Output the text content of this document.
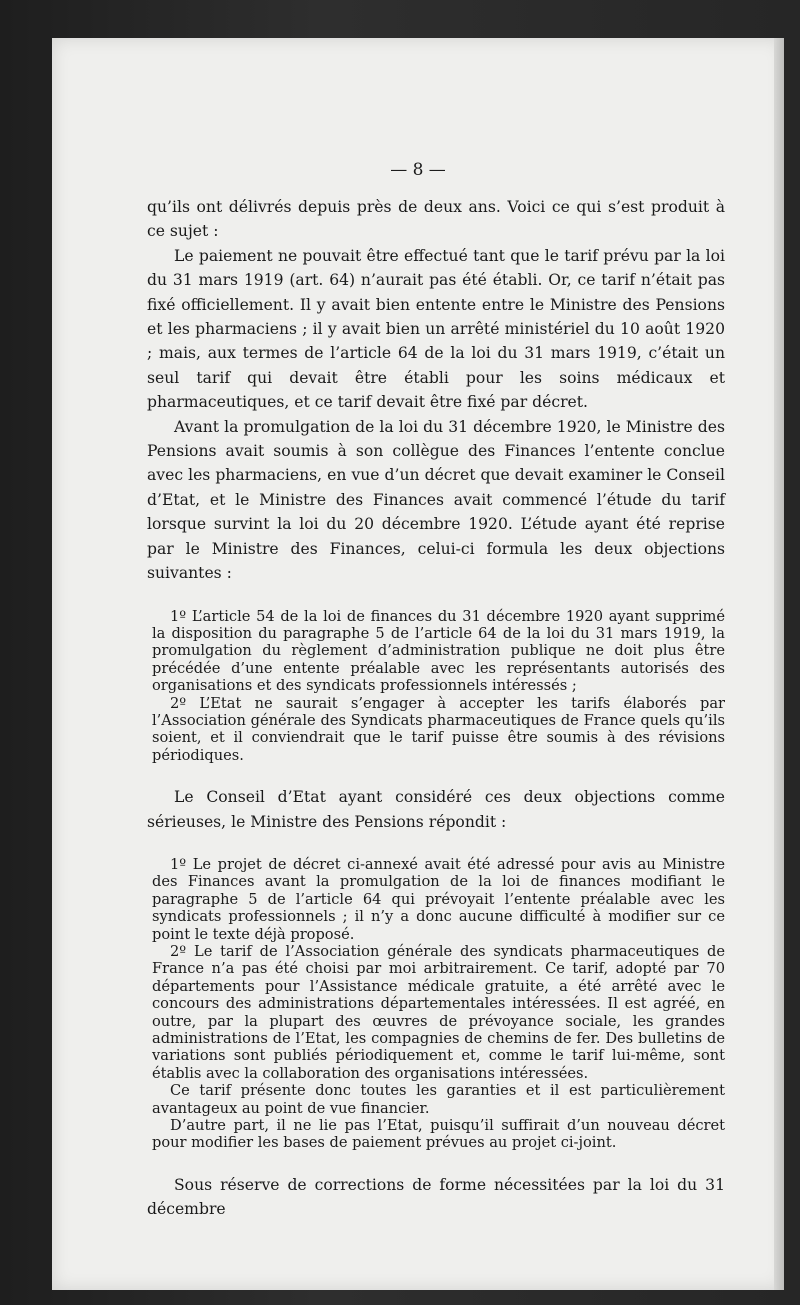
— 8 —

qu’ils ont délivrés depuis près de deux ans. Voici ce qui s’est produit à ce sujet :

Le paiement ne pouvait être effectué tant que le tarif prévu par la loi du 31 mars 1919 (art. 64) n’aurait pas été établi. Or, ce tarif n’était pas fixé officiellement. Il y avait bien entente entre le Ministre des Pensions et les pharmaciens ; il y avait bien un arrêté ministériel du 10 août 1920 ; mais, aux termes de l’article 64 de la loi du 31 mars 1919, c’était un seul tarif qui devait être établi pour les soins médicaux et pharmaceutiques, et ce tarif devait être fixé par décret.

Avant la promulgation de la loi du 31 décembre 1920, le Ministre des Pensions avait soumis à son collègue des Finances l’entente conclue avec les pharmaciens, en vue d’un décret que devait examiner le Conseil d’Etat, et le Ministre des Finances avait commencé l’étude du tarif lorsque survint la loi du 20 décembre 1920. L’étude ayant été reprise par le Ministre des Finances, celui-ci formula les deux objections suivantes :

1º L’article 54 de la loi de finances du 31 décembre 1920 ayant supprimé la disposition du paragraphe 5 de l’article 64 de la loi du 31 mars 1919, la promulgation du règlement d’administration publique ne doit plus être précédée d’une entente préalable avec les représentants autorisés des organisations et des syndicats professionnels intéressés ;

2º L’Etat ne saurait s’engager à accepter les tarifs élaborés par l’Association générale des Syndicats pharmaceutiques de France quels qu’ils soient, et il conviendrait que le tarif puisse être soumis à des révisions périodiques.

Le Conseil d’Etat ayant considéré ces deux objections comme sérieuses, le Ministre des Pensions répondit :

1º Le projet de décret ci-annexé avait été adressé pour avis au Ministre des Finances avant la promulgation de la loi de finances modifiant le paragraphe 5 de l’article 64 qui prévoyait l’entente préalable avec les syndicats professionnels ; il n’y a donc aucune difficulté à modifier sur ce point le texte déjà proposé.

2º Le tarif de l’Association générale des syndicats pharmaceutiques de France n’a pas été choisi par moi arbitrairement. Ce tarif, adopté par 70 départements pour l’Assistance médicale gratuite, a été arrêté avec le concours des administrations départementales intéressées. Il est agréé, en outre, par la plupart des œuvres de prévoyance sociale, les grandes administrations de l’Etat, les compagnies de chemins de fer. Des bulletins de variations sont publiés périodiquement et, comme le tarif lui-même, sont établis avec la collaboration des organisations intéressées.

Ce tarif présente donc toutes les garanties et il est particulièrement avantageux au point de vue financier.

D’autre part, il ne lie pas l’Etat, puisqu’il suffirait d’un nouveau décret pour modifier les bases de paiement prévues au projet ci-joint.

Sous réserve de corrections de forme nécessitées par la loi du 31 décembre
